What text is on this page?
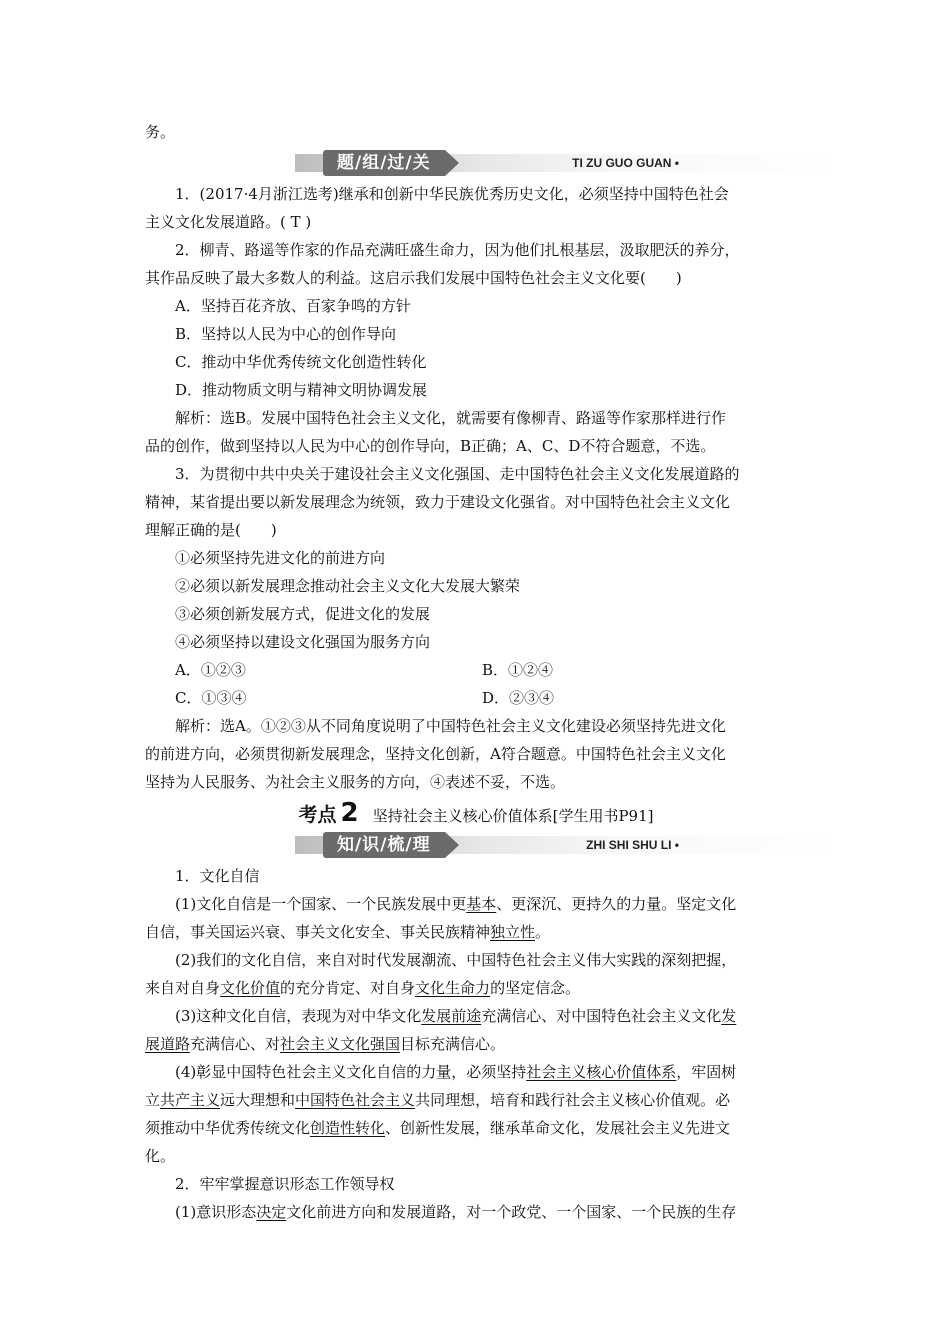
务。
题/组/过/关	TI ZU GUO GUAN •
1．(2017·4月浙江选考)继承和创新中华民族优秀历史文化，必须坚持中国特色社会
主义文化发展道路。( T )
2．柳青、路遥等作家的作品充满旺盛生命力，因为他们扎根基层，汲取肥沃的养分，
其作品反映了最大多数人的利益。这启示我们发展中国特色社会主义文化要(　　)
A．坚持百花齐放、百家争鸣的方针
B．坚持以人民为中心的创作导向
C．推动中华优秀传统文化创造性转化
D．推动物质文明与精神文明协调发展
解析：选B。发展中国特色社会主义文化，就需要有像柳青、路遥等作家那样进行作
品的创作，做到坚持以人民为中心的创作导向，B正确；A、C、D不符合题意，不选。
3．为贯彻中共中央关于建设社会主义文化强国、走中国特色社会主义文化发展道路的
精神，某省提出要以新发展理念为统领，致力于建设文化强省。对中国特色社会主义文化
理解正确的是(　　)
①必须坚持先进文化的前进方向
②必须以新发展理念推动社会主义文化大发展大繁荣
③必须创新发展方式，促进文化的发展
④必须坚持以建设文化强国为服务方向
A．①②③	B．①②④
C．①③④	D．②③④
解析：选A。①②③从不同角度说明了中国特色社会主义文化建设必须坚持先进文化
的前进方向，必须贯彻新发展理念，坚持文化创新，A符合题意。中国特色社会主义文化
坚持为人民服务、为社会主义服务的方向，④表述不妥，不选。
考点 2 坚持社会主义核心价值体系[学生用书P91]
知/识/梳/理	ZHI SHI SHU LI •
1．文化自信
(1)文化自信是一个国家、一个民族发展中更基本、更深沉、更持久的力量。坚定文化
自信，事关国运兴衰、事关文化安全、事关民族精神独立性。
(2)我们的文化自信，来自对时代发展潮流、中国特色社会主义伟大实践的深刻把握，
来自对自身文化价值的充分肯定、对自身文化生命力的坚定信念。
(3)这种文化自信，表现为对中华文化发展前途充满信心、对中国特色社会主义文化发
展道路充满信心、对社会主义文化强国目标充满信心。
(4)彰显中国特色社会主义文化自信的力量，必须坚持社会主义核心价值体系，牢固树
立共产主义远大理想和中国特色社会主义共同理想，培育和践行社会主义核心价值观。必
须推动中华优秀传统文化创造性转化、创新性发展，继承革命文化，发展社会主义先进文
化。
2．牢牢掌握意识形态工作领导权
(1)意识形态决定文化前进方向和发展道路，对一个政党、一个国家、一个民族的生存
